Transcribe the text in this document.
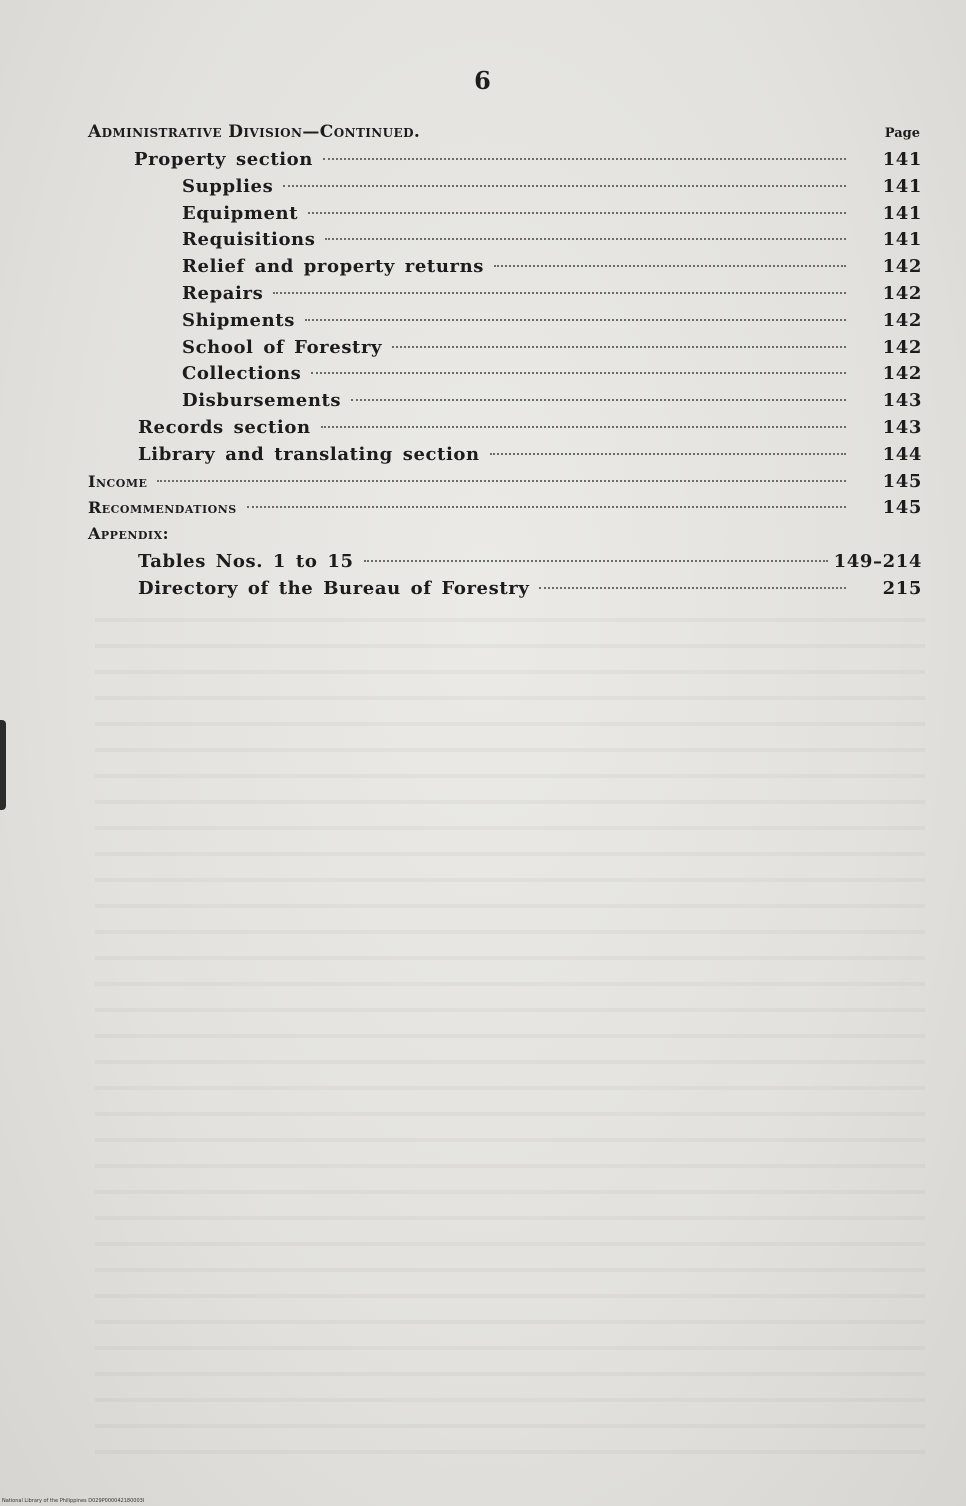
6
Administrative Division—Continued.	Page
Property section	141
Supplies	141
Equipment	141
Requisitions	141
Relief and property returns	142
Repairs	142
Shipments	142
School of Forestry	142
Collections	142
Disbursements	143
Records section	143
Library and translating section	144
Income	145
Recommendations	145
Appendix:
Tables Nos. 1 to 15	149–214
Directory of the Bureau of Forestry	215
National Library of the Philippines D029P000042180003I
